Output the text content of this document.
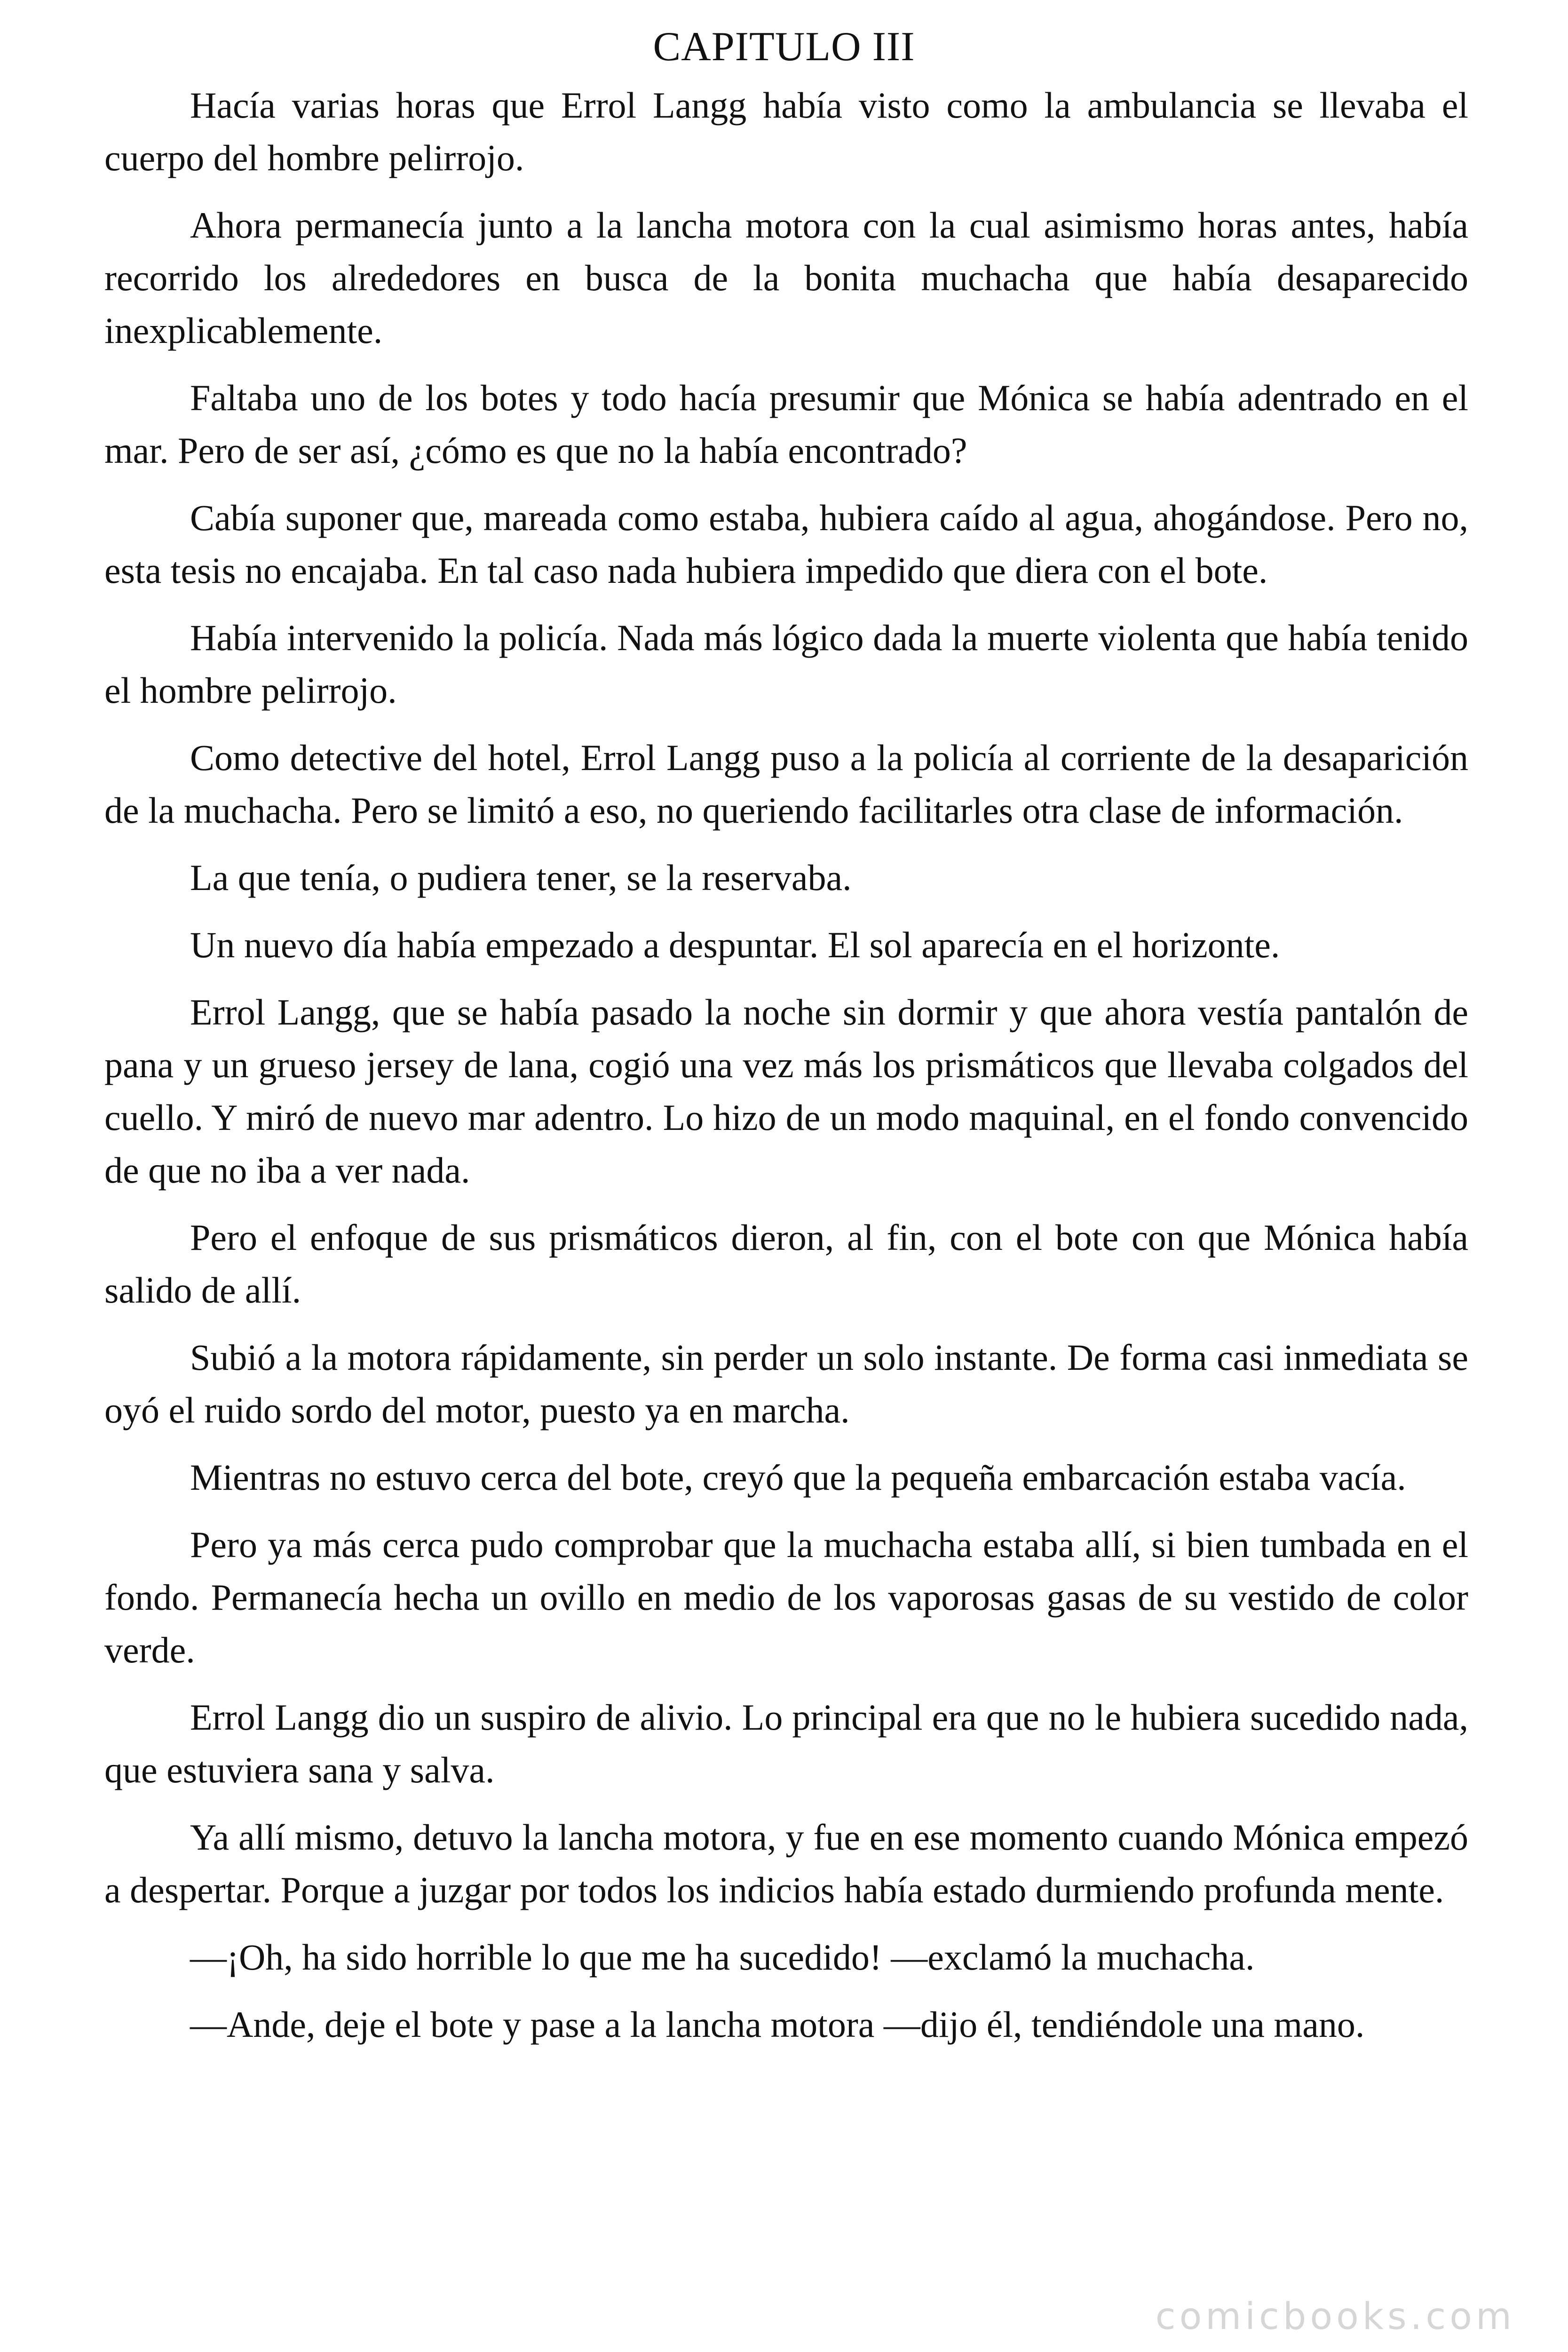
CAPITULO III

Hacía varias horas que Errol Langg había visto como la ambulancia se llevaba el cuerpo del hombre pelirrojo.

Ahora permanecía junto a la lancha motora con la cual asimismo horas antes, había recorrido los alrededores en busca de la bonita muchacha que había desaparecido inexplicablemente.

Faltaba uno de los botes y todo hacía presumir que Mónica se había adentrado en el mar. Pero de ser así, ¿cómo es que no la había encontrado?

Cabía suponer que, mareada como estaba, hubiera caído al agua, ahogándose. Pero no, esta tesis no encajaba. En tal caso nada hubiera impedido que diera con el bote.

Había intervenido la policía. Nada más lógico dada la muerte violenta que había tenido el hombre pelirrojo.

Como detective del hotel, Errol Langg puso a la policía al corriente de la desaparición de la muchacha. Pero se limitó a eso, no queriendo facilitarles otra clase de información.

La que tenía, o pudiera tener, se la reservaba.

Un nuevo día había empezado a despuntar. El sol aparecía en el horizonte.

Errol Langg, que se había pasado la noche sin dormir y que ahora vestía pantalón de pana y un grueso jersey de lana, cogió una vez más los prismáticos que llevaba colgados del cuello. Y miró de nuevo mar adentro. Lo hizo de un modo maquinal, en el fondo convencido de que no iba a ver nada.

Pero el enfoque de sus prismáticos dieron, al fin, con el bote con que Mónica había salido de allí.

Subió a la motora rápidamente, sin perder un solo instante. De forma casi inmediata se oyó el ruido sordo del motor, puesto ya en marcha.

Mientras no estuvo cerca del bote, creyó que la pequeña embarcación estaba vacía.

Pero ya más cerca pudo comprobar que la muchacha estaba allí, si bien tumbada en el fondo. Permanecía hecha un ovillo en medio de los vaporosas gasas de su vestido de color verde.

Errol Langg dio un suspiro de alivio. Lo principal era que no le hubiera sucedido nada, que estuviera sana y salva.

Ya allí mismo, detuvo la lancha motora, y fue en ese momento cuando Mónica empezó a despertar. Porque a juzgar por todos los indicios había estado durmiendo profunda mente.

—¡Oh, ha sido horrible lo que me ha sucedido! —exclamó la muchacha.

—Ande, deje el bote y pase a la lancha motora —dijo él, tendiéndole una mano.

comicbooks.com
